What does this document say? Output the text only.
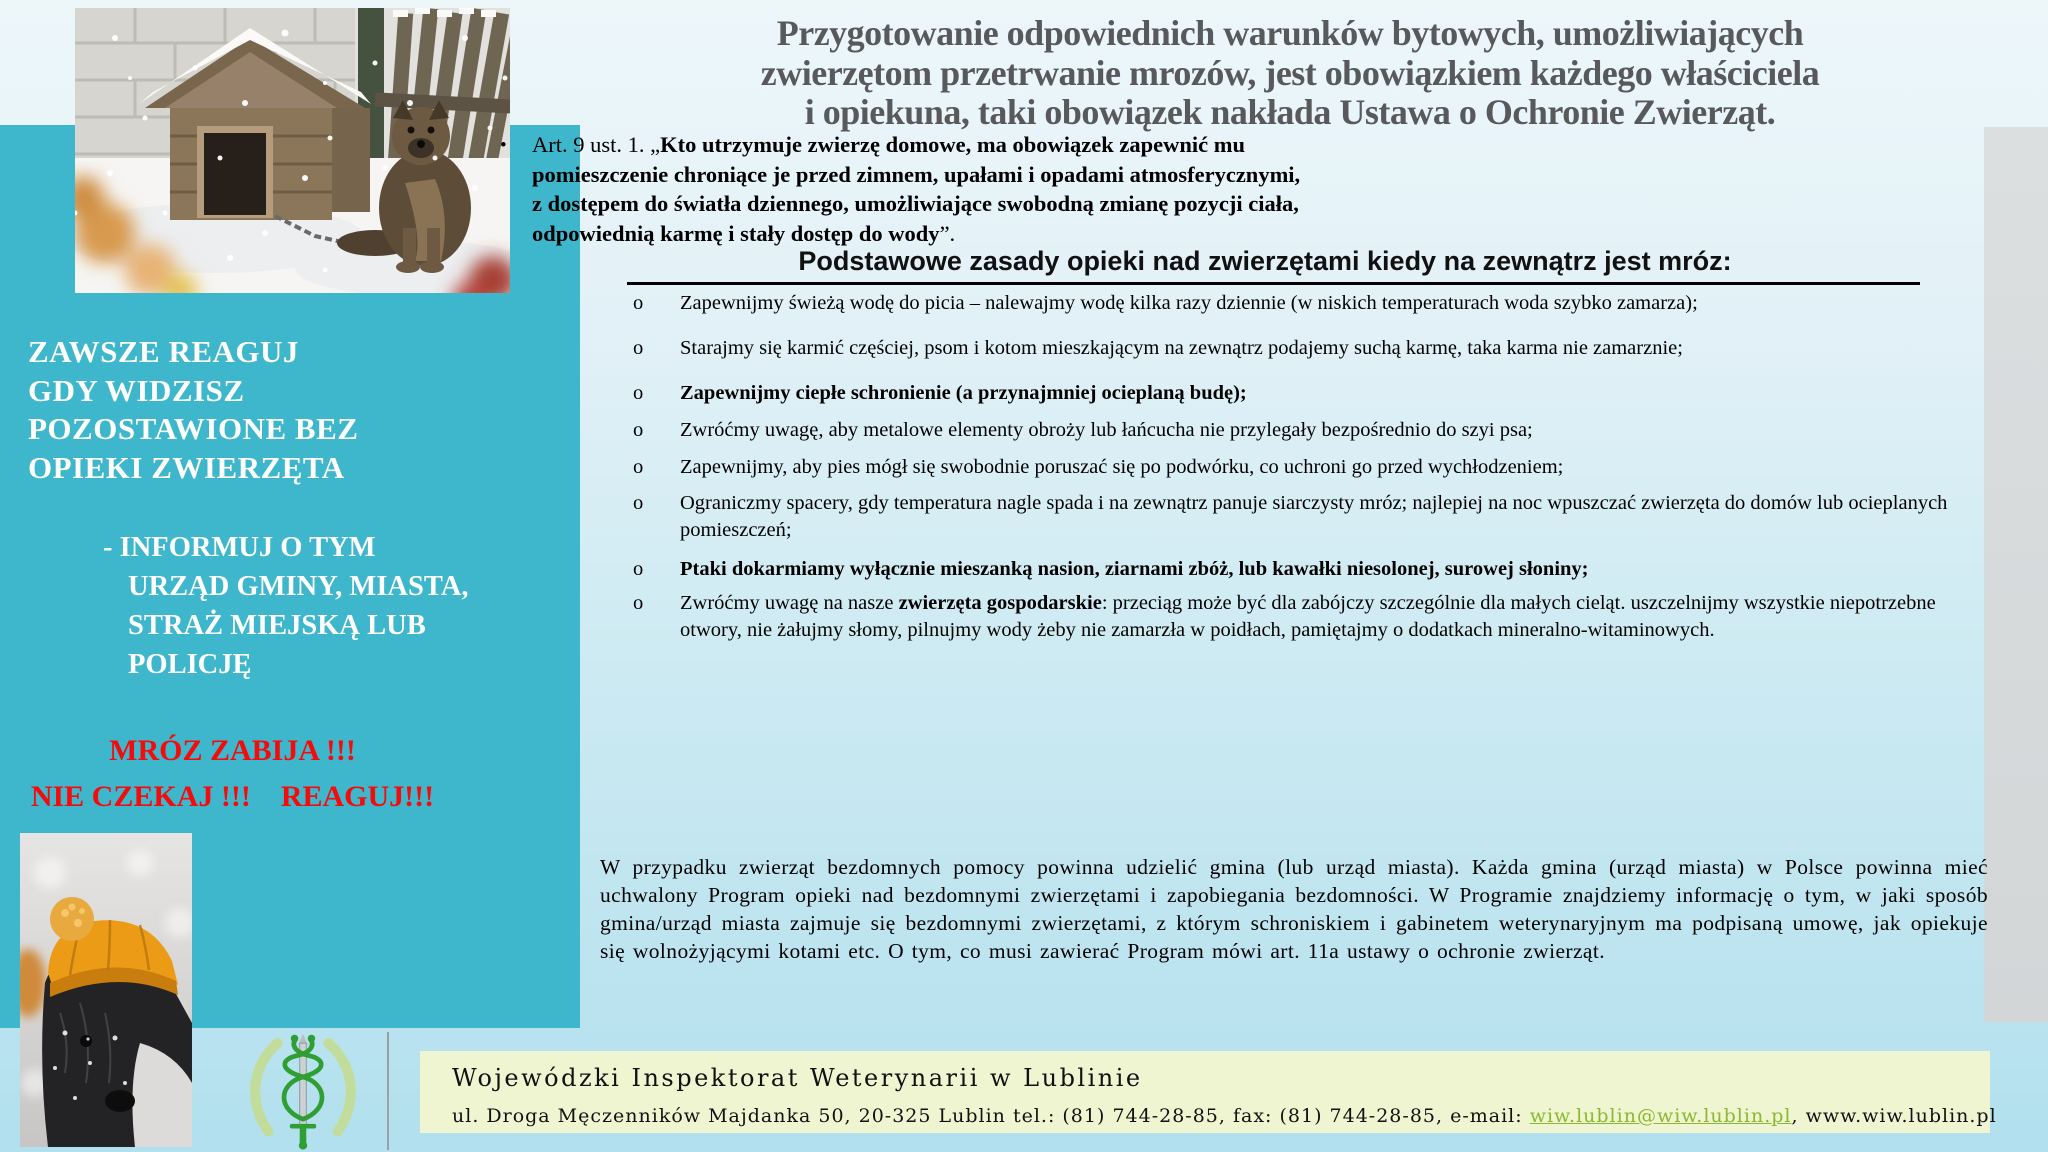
ZAWSZE REAGUJ
GDY WIDZISZ
POZOSTAWIONE BEZ
OPIEKI ZWIERZĘTA
- INFORMUJ O TYM
URZĄD GMINY, MIASTA,
STRAŻ MIEJSKĄ LUB
POLICJĘ
MRÓZ ZABIJA !!!
NIE CZEKAJ !!!    REAGUJ!!!
Przygotowanie odpowiednich warunków bytowych, umożliwiających
zwierzętom przetrwanie mrozów, jest obowiązkiem każdego właściciela
i opiekuna, taki obowiązek nakłada Ustawa o Ochronie Zwierząt.
•	Art. 9 ust. 1. „Kto utrzymuje zwierzę domowe, ma obowiązek zapewnić mu
pomieszczenie chroniące je przed zimnem, upałami i opadami atmosferycznymi,
z dostępem do światła dziennego, umożliwiające swobodną zmianę pozycji ciała,
odpowiednią karmę i stały dostęp do wody”.
Podstawowe zasady opieki nad zwierzętami kiedy na zewnątrz jest mróz:
o	Zapewnijmy świeżą wodę do picia – nalewajmy wodę kilka razy dziennie (w niskich temperaturach woda szybko zamarza);
o	Starajmy się karmić częściej, psom i kotom mieszkającym na zewnątrz podajemy suchą karmę, taka karma nie zamarznie;
o	Zapewnijmy ciepłe schronienie (a przynajmniej ocieplaną budę);
o	Zwróćmy uwagę, aby metalowe elementy obroży lub łańcucha nie przylegały bezpośrednio do szyi psa;
o	Zapewnijmy, aby pies mógł się swobodnie poruszać się po podwórku, co uchroni go przed wychłodzeniem;
o	Ograniczmy spacery, gdy temperatura nagle spada i na zewnątrz panuje siarczysty mróz; najlepiej na noc wpuszczać zwierzęta do domów lub ocieplanych pomieszczeń;
o	Ptaki dokarmiamy wyłącznie mieszanką nasion, ziarnami zbóż, lub kawałki niesolonej, surowej słoniny;
o	Zwróćmy uwagę na nasze zwierzęta gospodarskie: przeciąg może być dla zabójczy szczególnie dla małych cieląt. uszczelnijmy wszystkie niepotrzebne otwory, nie żałujmy słomy, pilnujmy wody żeby nie zamarzła w poidłach, pamiętajmy o dodatkach mineralno-witaminowych.
W przypadku zwierząt bezdomnych pomocy powinna udzielić gmina (lub urząd miasta). Każda gmina (urząd miasta) w Polsce powinna mieć uchwalony Program opieki nad bezdomnymi zwierzętami i zapobiegania bezdomności. W Programie znajdziemy informację o tym, w jaki sposób gmina/urząd miasta zajmuje się bezdomnymi zwierzętami, z którym schroniskiem i gabinetem weterynaryjnym ma podpisaną umowę, jak opiekuje się wolnożyjącymi kotami etc. O tym, co musi zawierać Program mówi art. 11a ustawy o ochronie zwierząt.
Wojewódzki Inspektorat Weterynarii w Lublinie
ul. Droga Męczenników Majdanka 50, 20-325 Lublin tel.: (81) 744-28-85, fax: (81) 744-28-85, e-mail: wiw.lublin@wiw.lublin.pl, www.wiw.lublin.pl
